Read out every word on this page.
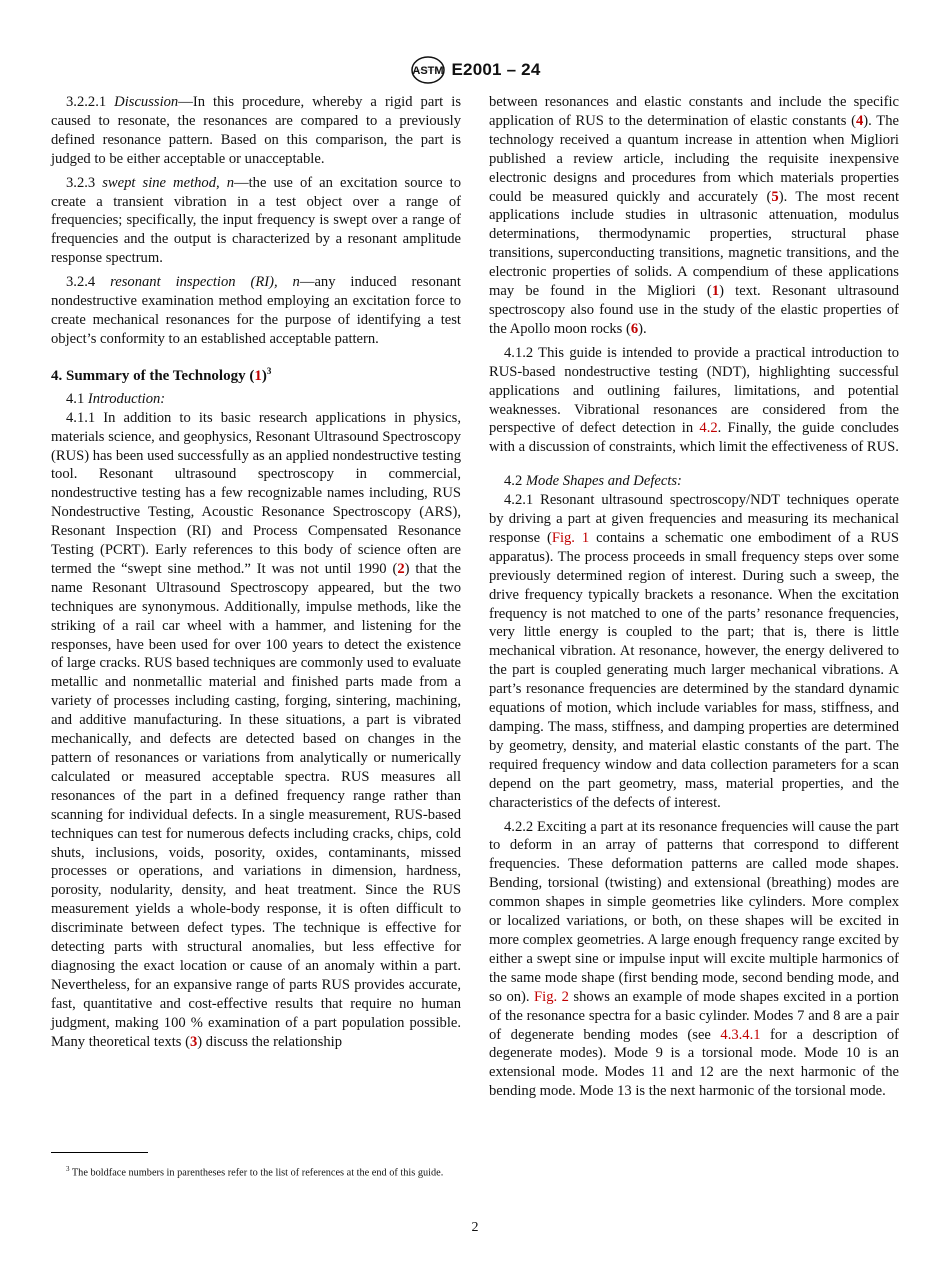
ASTM E2001 – 24

3.2.2.1 Discussion—In this procedure, whereby a rigid part is caused to resonate, the resonances are compared to a previously defined resonance pattern. Based on this comparison, the part is judged to be either acceptable or unacceptable.

3.2.3 swept sine method, n—the use of an excitation source to create a transient vibration in a test object over a range of frequencies; specifically, the input frequency is swept over a range of frequencies and the output is characterized by a resonant amplitude response spectrum.

3.2.4 resonant inspection (RI), n—any induced resonant nondestructive examination method employing an excitation force to create mechanical resonances for the purpose of identifying a test object’s conformity to an established acceptable pattern.

4. Summary of the Technology $(1)^3$

4.1 Introduction:

4.1.1 In addition to its basic research applications in physics, materials science, and geophysics, Resonant Ultrasound Spectroscopy (RUS) has been used successfully as an applied nondestructive testing tool. Resonant ultrasound spectroscopy in commercial, nondestructive testing has a few recognizable names including, RUS Nondestructive Testing, Acoustic Resonance Spectroscopy (ARS), Resonant Inspection (RI) and Process Compensated Resonance Testing (PCRT). Early references to this body of science often are termed the “swept sine method.” It was not until 1990 (2) that the name Resonant Ultrasound Spectroscopy appeared, but the two techniques are synonymous. Additionally, impulse methods, like the striking of a rail car wheel with a hammer, and listening for the responses, have been used for over 100 years to detect the existence of large cracks. RUS based techniques are commonly used to evaluate metallic and nonmetallic material and finished parts made from a variety of processes including casting, forging, sintering, machining, and additive manufacturing. In these situations, a part is vibrated mechanically, and defects are detected based on changes in the pattern of resonances or variations from analytically or numerically calculated or measured acceptable spectra. RUS measures all resonances of the part in a defined frequency range rather than scanning for individual defects. In a single measurement, RUS-based techniques can test for numerous defects including cracks, chips, cold shuts, inclusions, voids, posority, oxides, contaminants, missed processes or operations, and variations in dimension, hardness, porosity, nodularity, density, and heat treatment. Since the RUS measurement yields a whole-body response, it is often difficult to discriminate between defect types. The technique is effective for detecting parts with structural anomalies, but less effective for diagnosing the exact location or cause of an anomaly within a part. Nevertheless, for an expansive range of parts RUS provides accurate, fast, quantitative and cost-effective results that require no human judgment, making 100 % examination of a part population possible. Many theoretical texts (3) discuss the relationship

$^3$ The boldface numbers in parentheses refer to the list of references at the end of this guide.

between resonances and elastic constants and include the specific application of RUS to the determination of elastic constants (4). The technology received a quantum increase in attention when Migliori published a review article, including the requisite inexpensive electronic designs and procedures from which materials properties could be measured quickly and accurately (5). The most recent applications include studies in ultrasonic attenuation, modulus determinations, thermodynamic properties, structural phase transitions, superconducting transitions, magnetic transitions, and the electronic properties of solids. A compendium of these applications may be found in the Migliori (1) text. Resonant ultrasound spectroscopy also found use in the study of the elastic properties of the Apollo moon rocks (6).

4.1.2 This guide is intended to provide a practical introduction to RUS-based nondestructive testing (NDT), highlighting successful applications and outlining failures, limitations, and potential weaknesses. Vibrational resonances are considered from the perspective of defect detection in 4.2. Finally, the guide concludes with a discussion of constraints, which limit the effectiveness of RUS.

4.2 Mode Shapes and Defects:

4.2.1 Resonant ultrasound spectroscopy/NDT techniques operate by driving a part at given frequencies and measuring its mechanical response (Fig. 1 contains a schematic one embodiment of a RUS apparatus). The process proceeds in small frequency steps over some previously determined region of interest. During such a sweep, the drive frequency typically brackets a resonance. When the excitation frequency is not matched to one of the parts’ resonance frequencies, very little energy is coupled to the part; that is, there is little mechanical vibration. At resonance, however, the energy delivered to the part is coupled generating much larger mechanical vibrations. A part’s resonance frequencies are determined by the standard dynamic equations of motion, which include variables for mass, stiffness, and damping. The mass, stiffness, and damping properties are determined by geometry, density, and material elastic constants of the part. The required frequency window and data collection parameters for a scan depend on the part geometry, mass, material properties, and the characteristics of the defects of interest.

4.2.2 Exciting a part at its resonance frequencies will cause the part to deform in an array of patterns that correspond to different frequencies. These deformation patterns are called mode shapes. Bending, torsional (twisting) and extensional (breathing) modes are common shapes in simple geometries like cylinders. More complex or localized variations, or both, on these shapes will be excited in more complex geometries. A large enough frequency range excited by either a swept sine or impulse input will excite multiple harmonics of the same mode shape (first bending mode, second bending mode, and so on). Fig. 2 shows an example of mode shapes excited in a portion of the resonance spectra for a basic cylinder. Modes 7 and 8 are a pair of degenerate bending modes (see 4.3.4.1 for a description of degenerate modes). Mode 9 is a torsional mode. Mode 10 is an extensional mode. Modes 11 and 12 are the next harmonic of the bending mode. Mode 13 is the next harmonic of the torsional mode.

2
